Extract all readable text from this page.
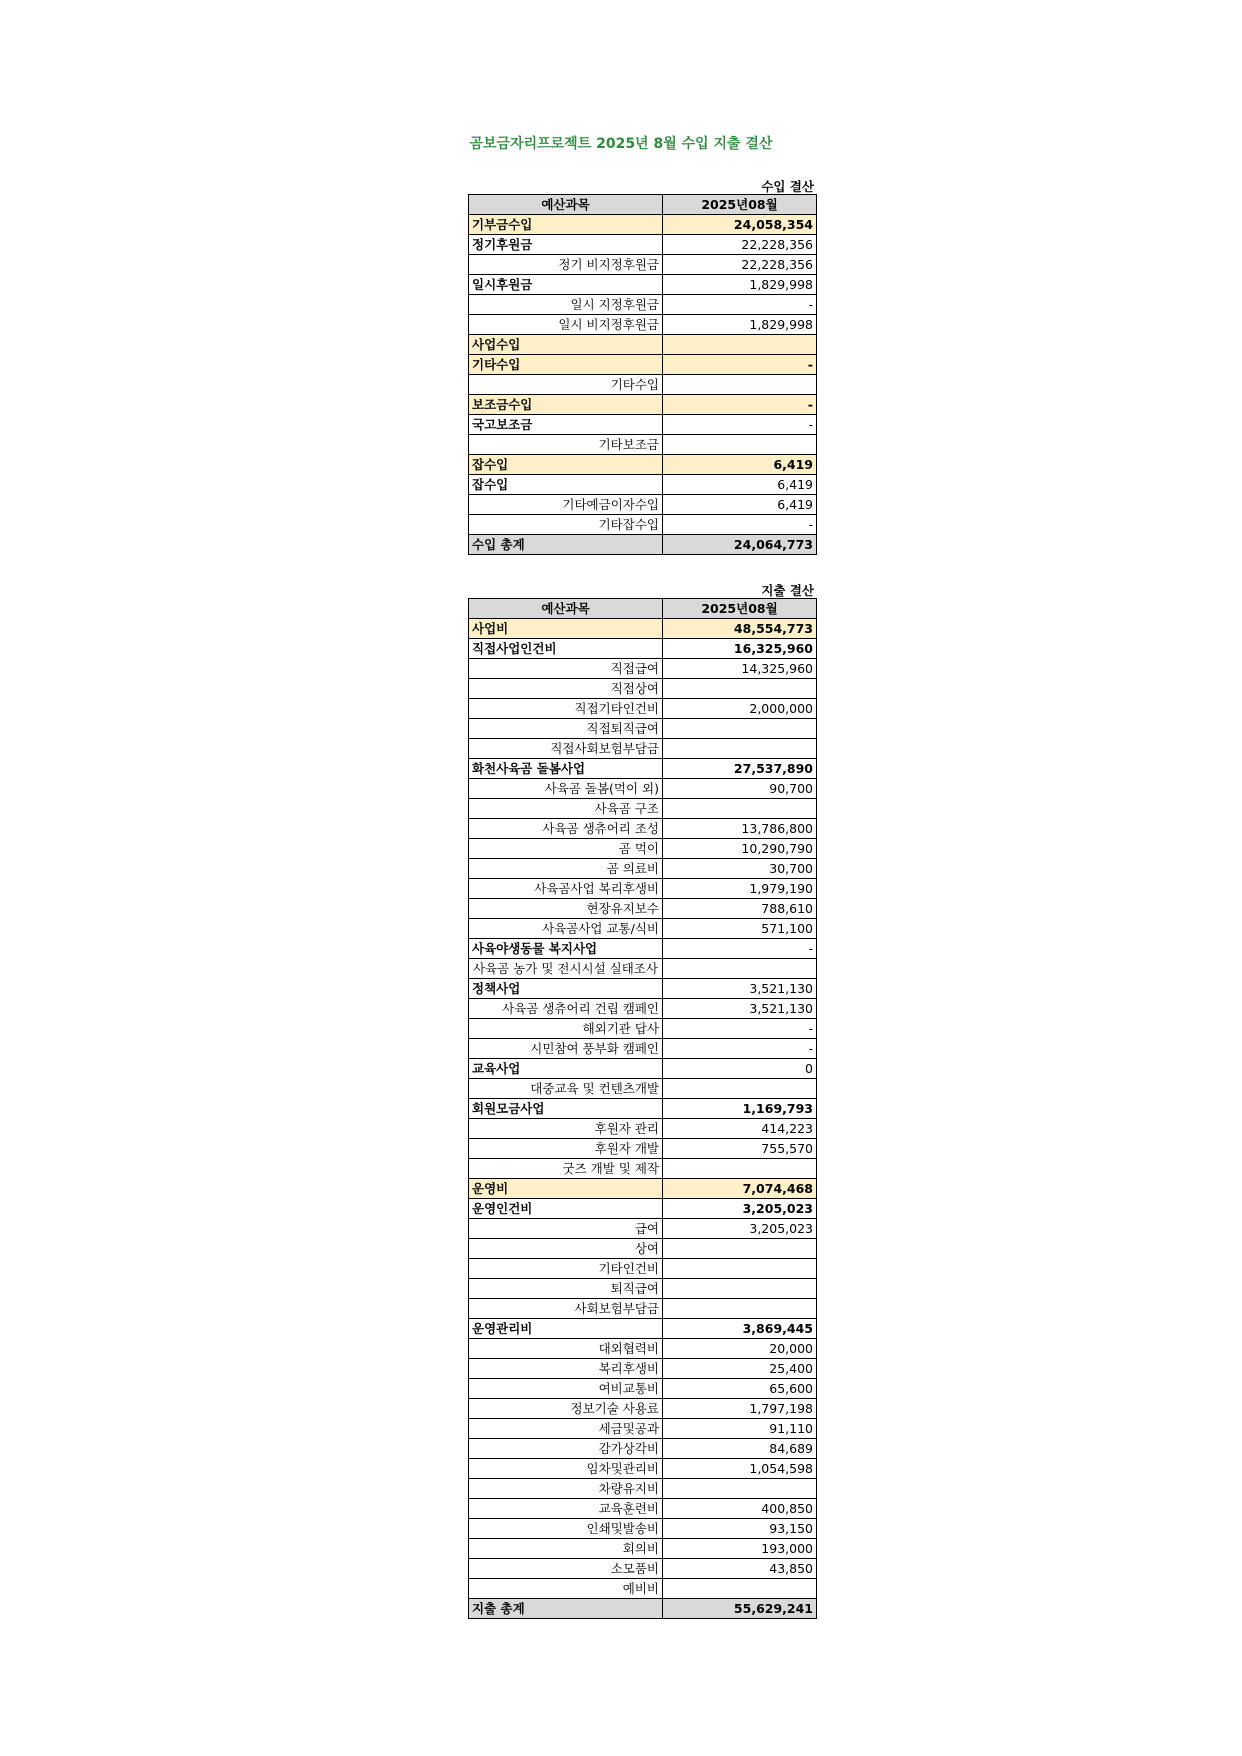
곰보금자리프로젝트 2025년 8월 수입 지출 결산
수입 결산
예산과목	2025년08월
기부금수입	24,058,354
정기후원금	22,228,356
정기 비지정후원금	22,228,356
일시후원금	1,829,998
일시 지정후원금	-
일시 비지정후원금	1,829,998
사업수입	
기타수입	-
기타수입	
보조금수입	-
국고보조금	-
기타보조금	
잡수입	6,419
잡수입	6,419
기타예금이자수입	6,419
기타잡수입	-
수입 총계	24,064,773
지출 결산
예산과목	2025년08월
사업비	48,554,773
직접사업인건비	16,325,960
직접급여	14,325,960
직접상여	
직접기타인건비	2,000,000
직접퇴직급여	
직접사회보험부담금	
화천사육곰 돌봄사업	27,537,890
사육곰 돌봄(먹이 외)	90,700
사육곰 구조	
사육곰 생츄어리 조성	13,786,800
곰 먹이	10,290,790
곰 의료비	30,700
사육곰사업 복리후생비	1,979,190
현장유지보수	788,610
사육곰사업 교통/식비	571,100
사육야생동물 복지사업	-
사육곰 농가 및 전시시설 실태조사	
정책사업	3,521,130
사육곰 생츄어리 건립 캠페인	3,521,130
해외기관 답사	-
시민참여 풍부화 캠페인	-
교육사업	0
대중교육 및 컨텐츠개발	
회원모금사업	1,169,793
후원자 관리	414,223
후원자 개발	755,570
굿즈 개발 및 제작	
운영비	7,074,468
운영인건비	3,205,023
급여	3,205,023
상여	
기타인건비	
퇴직급여	
사회보험부담금	
운영관리비	3,869,445
대외협력비	20,000
복리후생비	25,400
여비교통비	65,600
정보기술 사용료	1,797,198
세금및공과	91,110
감가상각비	84,689
임차및관리비	1,054,598
차량유지비	
교육훈련비	400,850
인쇄및발송비	93,150
회의비	193,000
소모품비	43,850
예비비	
지출 총계	55,629,241
